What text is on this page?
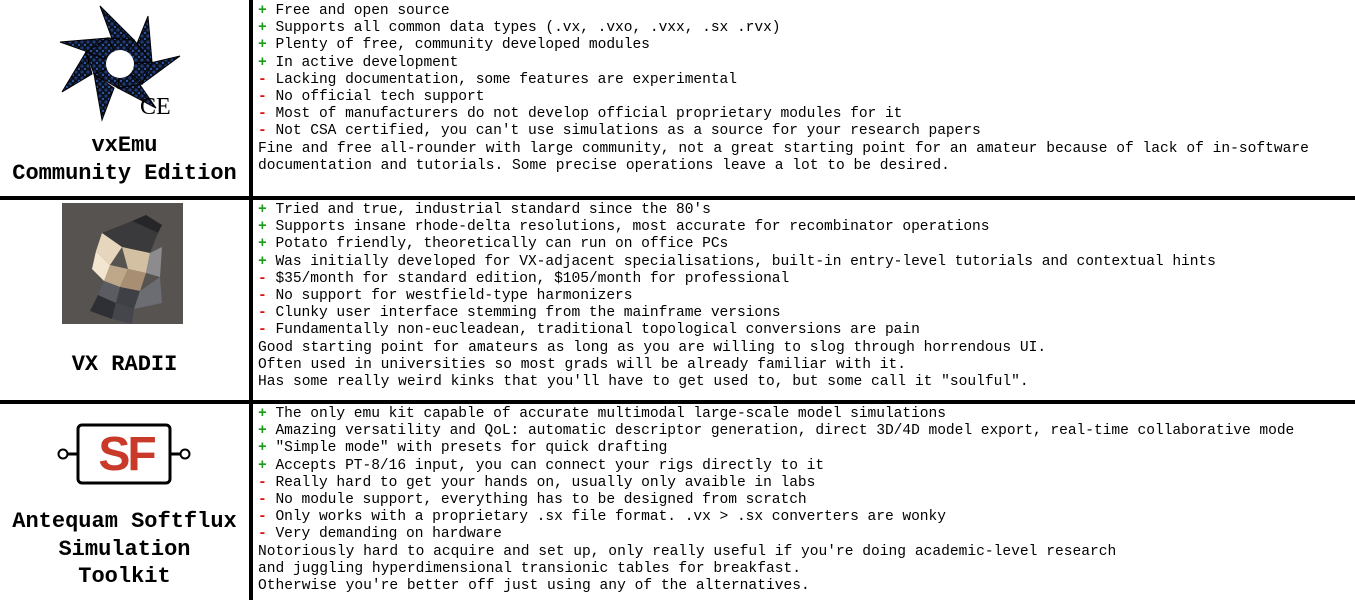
CE
vxEmu
Community Edition
+ Free and open source
+ Supports all common data types (.vx, .vxo, .vxx, .sx .rvx)
+ Plenty of free, community developed modules
+ In active development
- Lacking documentation, some features are experimental
- No official tech support
- Most of manufacturers do not develop official proprietary modules for it
- Not CSA certified, you can't use simulations as a source for your research papers
Fine and free all-rounder with large community, not a great starting point for an amateur because of lack of in-software
documentation and tutorials. Some precise operations leave a lot to be desired.
VX RADII
+ Tried and true, industrial standard since the 80's
+ Supports insane rhode-delta resolutions, most accurate for recombinator operations
+ Potato friendly, theoretically can run on office PCs
+ Was initially developed for VX-adjacent specialisations, built-in entry-level tutorials and contextual hints
- $35/month for standard edition, $105/month for professional
- No support for westfield-type harmonizers
- Clunky user interface stemming from the mainframe versions
- Fundamentally non-eucleadean, traditional topological conversions are pain
Good starting point for amateurs as long as you are willing to slog through horrendous UI.
Often used in universities so most grads will be already familiar with it.
Has some really weird kinks that you'll have to get used to, but some call it "soulful".
SF
Antequam Softflux
Simulation
Toolkit
+ The only emu kit capable of accurate multimodal large-scale model simulations
+ Amazing versatility and QoL: automatic descriptor generation, direct 3D/4D model export, real-time collaborative mode
+ "Simple mode" with presets for quick drafting
+ Accepts PT-8/16 input, you can connect your rigs directly to it
- Really hard to get your hands on, usually only avaible in labs
- No module support, everything has to be designed from scratch
- Only works with a proprietary .sx file format. .vx > .sx converters are wonky
- Very demanding on hardware
Notoriously hard to acquire and set up, only really useful if you're doing academic-level research
and juggling hyperdimensional transionic tables for breakfast.
Otherwise you're better off just using any of the alternatives.
